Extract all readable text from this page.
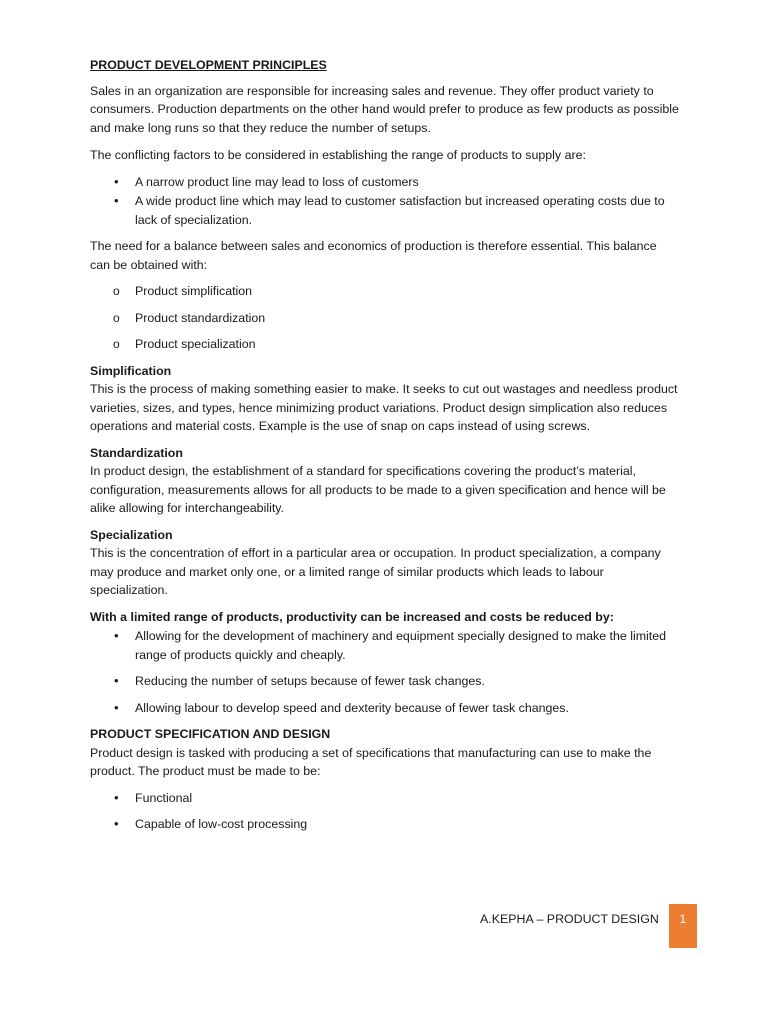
PRODUCT DEVELOPMENT PRINCIPLES

Sales in an organization are responsible for increasing sales and revenue. They offer product variety to consumers. Production departments on the other hand would prefer to produce as few products as possible and make long runs so that they reduce the number of setups.

The conflicting factors to be considered in establishing the range of products to supply are:

• A narrow product line may lead to loss of customers
• A wide product line which may lead to customer satisfaction but increased operating costs due to lack of specialization.

The need for a balance between sales and economics of production is therefore essential. This balance can be obtained with:

o Product simplification
o Product standardization
o Product specialization
Simplification
This is the process of making something easier to make. It seeks to cut out wastages and needless product varieties, sizes, and types, hence minimizing product variations. Product design simplication also reduces operations and material costs. Example is the use of snap on caps instead of using screws.
Standardization
In product design, the establishment of a standard for specifications covering the product’s material, configuration, measurements allows for all products to be made to a given specification and hence will be alike allowing for interchangeability.
Specialization
This is the concentration of effort in a particular area or occupation. In product specialization, a company may produce and market only one, or a limited range of similar products which leads to labour specialization.
With a limited range of products, productivity can be increased and costs be reduced by:
• Allowing for the development of machinery and equipment specially designed to make the limited range of products quickly and cheaply.
• Reducing the number of setups because of fewer task changes.
• Allowing labour to develop speed and dexterity because of fewer task changes.
PRODUCT SPECIFICATION AND DESIGN
Product design is tasked with producing a set of specifications that manufacturing can use to make the product. The product must be made to be:
• Functional
• Capable of low-cost processing
A.KEPHA – PRODUCT DESIGN	1
